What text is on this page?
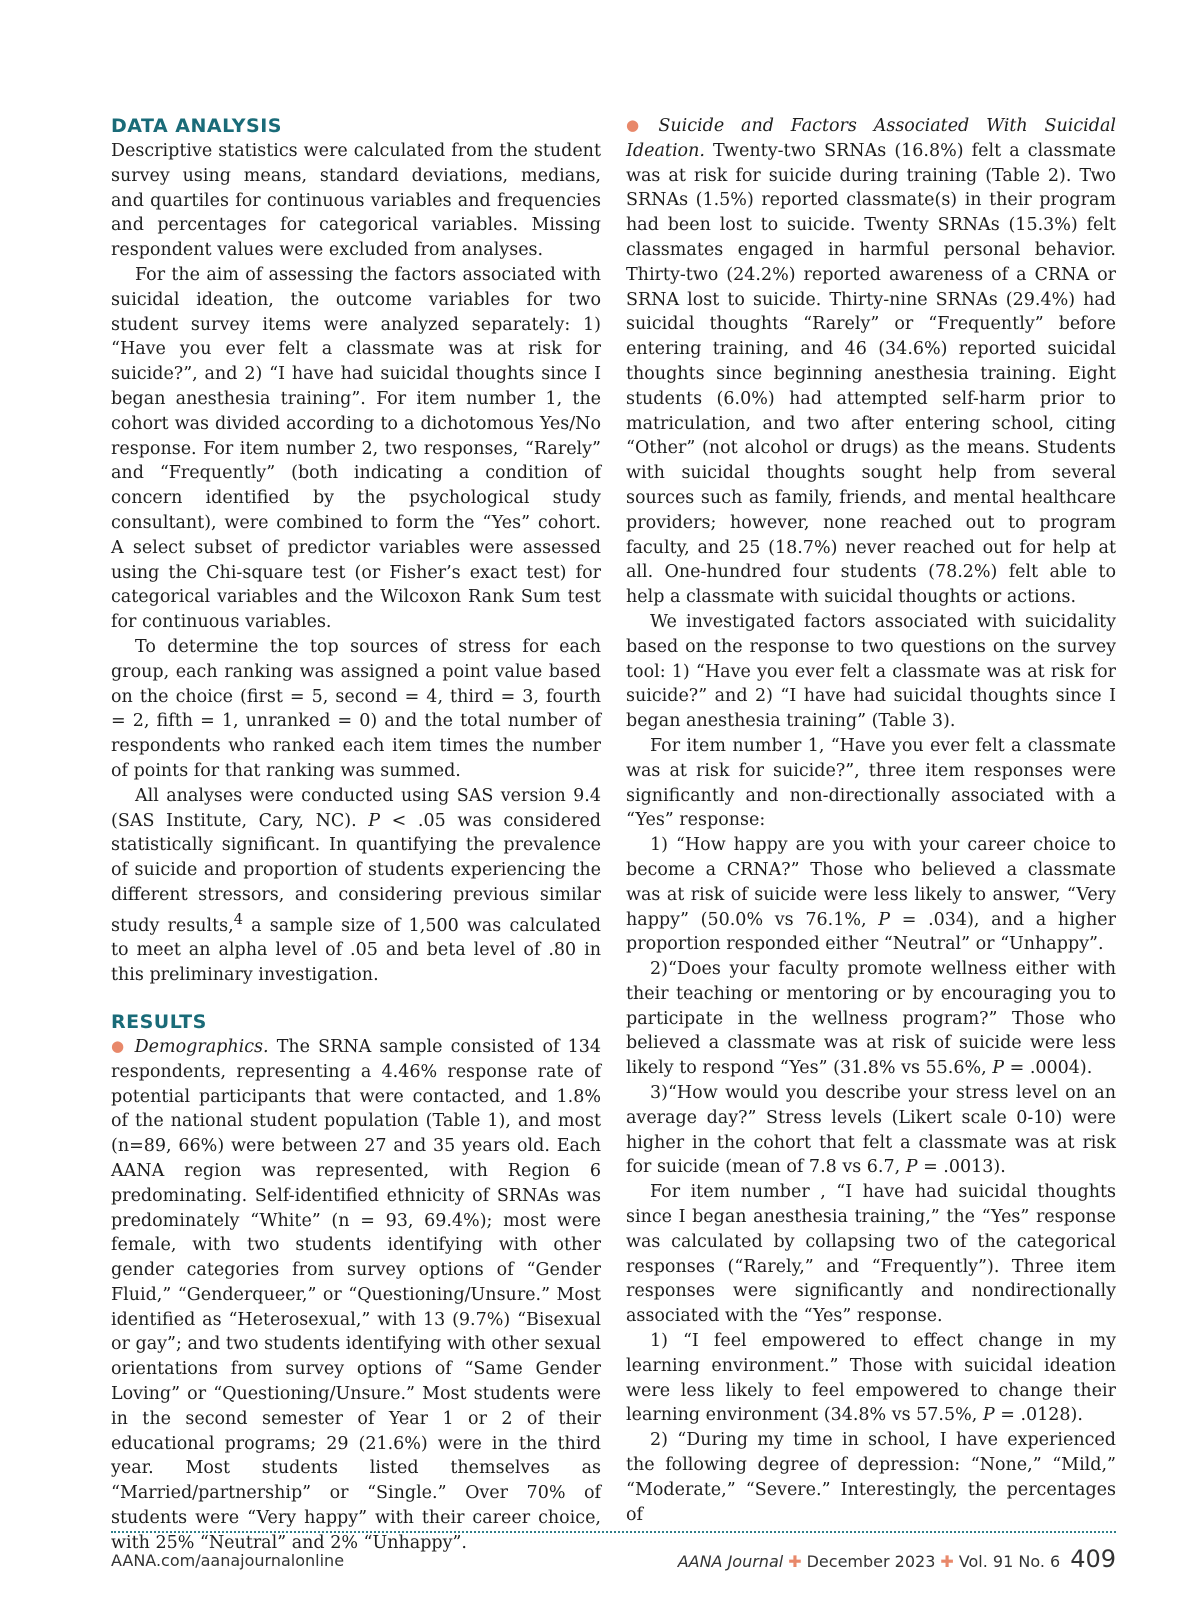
DATA ANALYSIS

Descriptive statistics were calculated from the student survey using means, standard deviations, medians, and quartiles for continuous variables and frequencies and percentages for categorical variables. Missing respondent values were excluded from analyses.

For the aim of assessing the factors associated with suicidal ideation, the outcome variables for two student survey items were analyzed separately: 1) “Have you ever felt a classmate was at risk for suicide?”, and 2) “I have had suicidal thoughts since I began anesthesia training”. For item number 1, the cohort was divided according to a dichotomous Yes/No response. For item number 2, two responses, “Rarely” and “Frequently” (both indicating a condition of concern identified by the psychological study consultant), were combined to form the “Yes” cohort. A select subset of predictor variables were assessed using the Chi-square test (or Fisher’s exact test) for categorical variables and the Wilcoxon Rank Sum test for continuous variables.

To determine the top sources of stress for each group, each ranking was assigned a point value based on the choice (first = 5, second = 4, third = 3, fourth = 2, fifth = 1, unranked = 0) and the total number of respondents who ranked each item times the number of points for that ranking was summed.

All analyses were conducted using SAS version 9.4 (SAS Institute, Cary, NC). P < .05 was considered statistically significant. In quantifying the prevalence of suicide and proportion of students experiencing the different stressors, and considering previous similar study results,$^4$ a sample size of 1,500 was calculated to meet an alpha level of .05 and beta level of .80 in this preliminary investigation.

RESULTS

● Demographics. The SRNA sample consisted of 134 respondents, representing a 4.46% response rate of potential participants that were contacted, and 1.8% of the national student population (Table 1), and most (n=89, 66%) were between 27 and 35 years old. Each AANA region was represented, with Region 6 predominating. Self-identified ethnicity of SRNAs was predominately “White” (n = 93, 69.4%); most were female, with two students identifying with other gender categories from survey options of “Gender Fluid,” “Genderqueer,” or “Questioning/Unsure.” Most identified as “Heterosexual,” with 13 (9.7%) “Bisexual or gay”; and two students identifying with other sexual orientations from survey options of “Same Gender Loving” or “Questioning/Unsure.” Most students were in the second semester of Year 1 or 2 of their educational programs; 29 (21.6%) were in the third year. Most students listed themselves as “Married/partnership” or “Single.” Over 70% of students were “Very happy” with their career choice, with 25% “Neutral” and 2% “Unhappy”.

● Suicide and Factors Associated With Suicidal Ideation. Twenty-two SRNAs (16.8%) felt a classmate was at risk for suicide during training (Table 2). Two SRNAs (1.5%) reported classmate(s) in their program had been lost to suicide. Twenty SRNAs (15.3%) felt classmates engaged in harmful personal behavior. Thirty-two (24.2%) reported awareness of a CRNA or SRNA lost to suicide. Thirty-nine SRNAs (29.4%) had suicidal thoughts “Rarely” or “Frequently” before entering training, and 46 (34.6%) reported suicidal thoughts since beginning anesthesia training. Eight students (6.0%) had attempted self-harm prior to matriculation, and two after entering school, citing “Other” (not alcohol or drugs) as the means. Students with suicidal thoughts sought help from several sources such as family, friends, and mental healthcare providers; however, none reached out to program faculty, and 25 (18.7%) never reached out for help at all. One-hundred four students (78.2%) felt able to help a classmate with suicidal thoughts or actions.

We investigated factors associated with suicidality based on the response to two questions on the survey tool: 1) “Have you ever felt a classmate was at risk for suicide?” and 2) “I have had suicidal thoughts since I began anesthesia training” (Table 3).

For item number 1, “Have you ever felt a classmate was at risk for suicide?”, three item responses were significantly and non-directionally associated with a “Yes” response:

1) “How happy are you with your career choice to become a CRNA?” Those who believed a classmate was at risk of suicide were less likely to answer, “Very happy” (50.0% vs 76.1%, P = .034), and a higher proportion responded either “Neutral” or “Unhappy”.

2)“Does your faculty promote wellness either with their teaching or mentoring or by encouraging you to participate in the wellness program?” Those who believed a classmate was at risk of suicide were less likely to respond “Yes” (31.8% vs 55.6%, P = .0004).

3)“How would you describe your stress level on an average day?” Stress levels (Likert scale 0-10) were higher in the cohort that felt a classmate was at risk for suicide (mean of 7.8 vs 6.7, P = .0013).

For item number , “I have had suicidal thoughts since I began anesthesia training,” the “Yes” response was calculated by collapsing two of the categorical responses (“Rarely,” and “Frequently”). Three item responses were significantly and nondirectionally associated with the “Yes” response.

1) “I feel empowered to effect change in my learning environment.” Those with suicidal ideation were less likely to feel empowered to change their learning environment (34.8% vs 57.5%, P = .0128).

2) “During my time in school, I have experienced the following degree of depression: “None,” “Mild,” “Moderate,” “Severe.” Interestingly, the percentages of

AANA.com/aanajournalonline	AANA Journal ✚ December 2023 ✚ Vol. 91 No. 6 409
